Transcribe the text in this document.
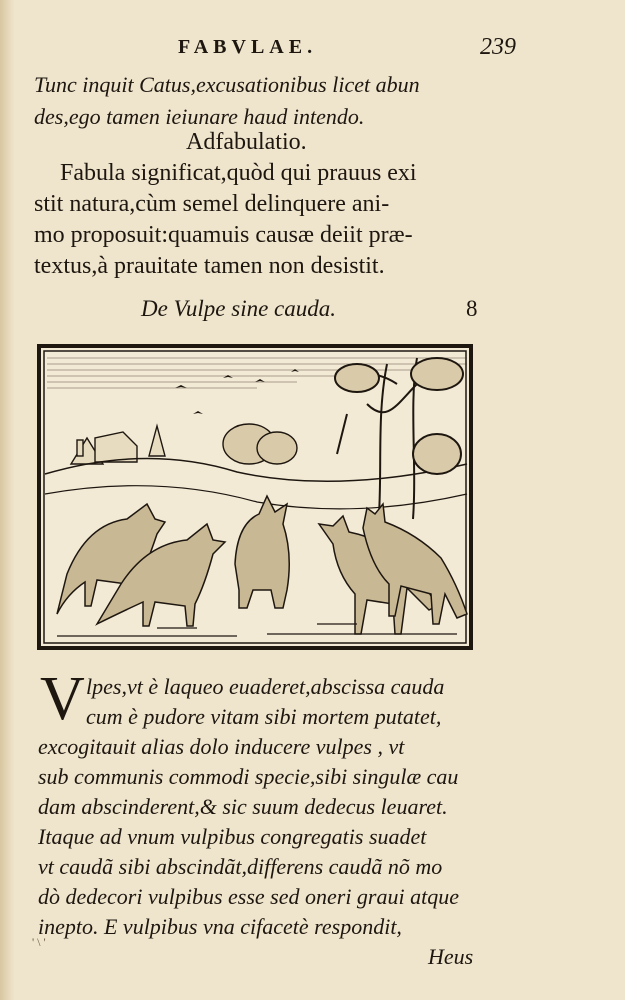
FABVLAE.	239
Tunc inquit Catus,excusationibus licet abun
des,ego tamen ieiunare haud intendo.
Adfabulatio.
Fabula significat,quòd qui prauus exi
stit natura,cùm semel delinquere ani-
mo proposuit:quamuis causæ deiit præ-
textus,à prauitate tamen non desistit.
De Vulpe sine cauda.	8
V lpes,vt è laqueo euaderet,abscissa cauda
cum è pudore vitam sibi mortem putatet,
excogitauit alias dolo inducere vulpes , vt
sub communis commodi specie,sibi singulæ cau
dam abscinderent,& sic suum dedecus leuaret.
Itaque ad vnum vulpibus congregatis suadet
vt caudã sibi abscindãt,differens caudã nõ mo
dò dedecori vulpibus esse sed oneri graui atque
inepto. E vulpibus vna cifacetè respondit,
Heus
' \ '
